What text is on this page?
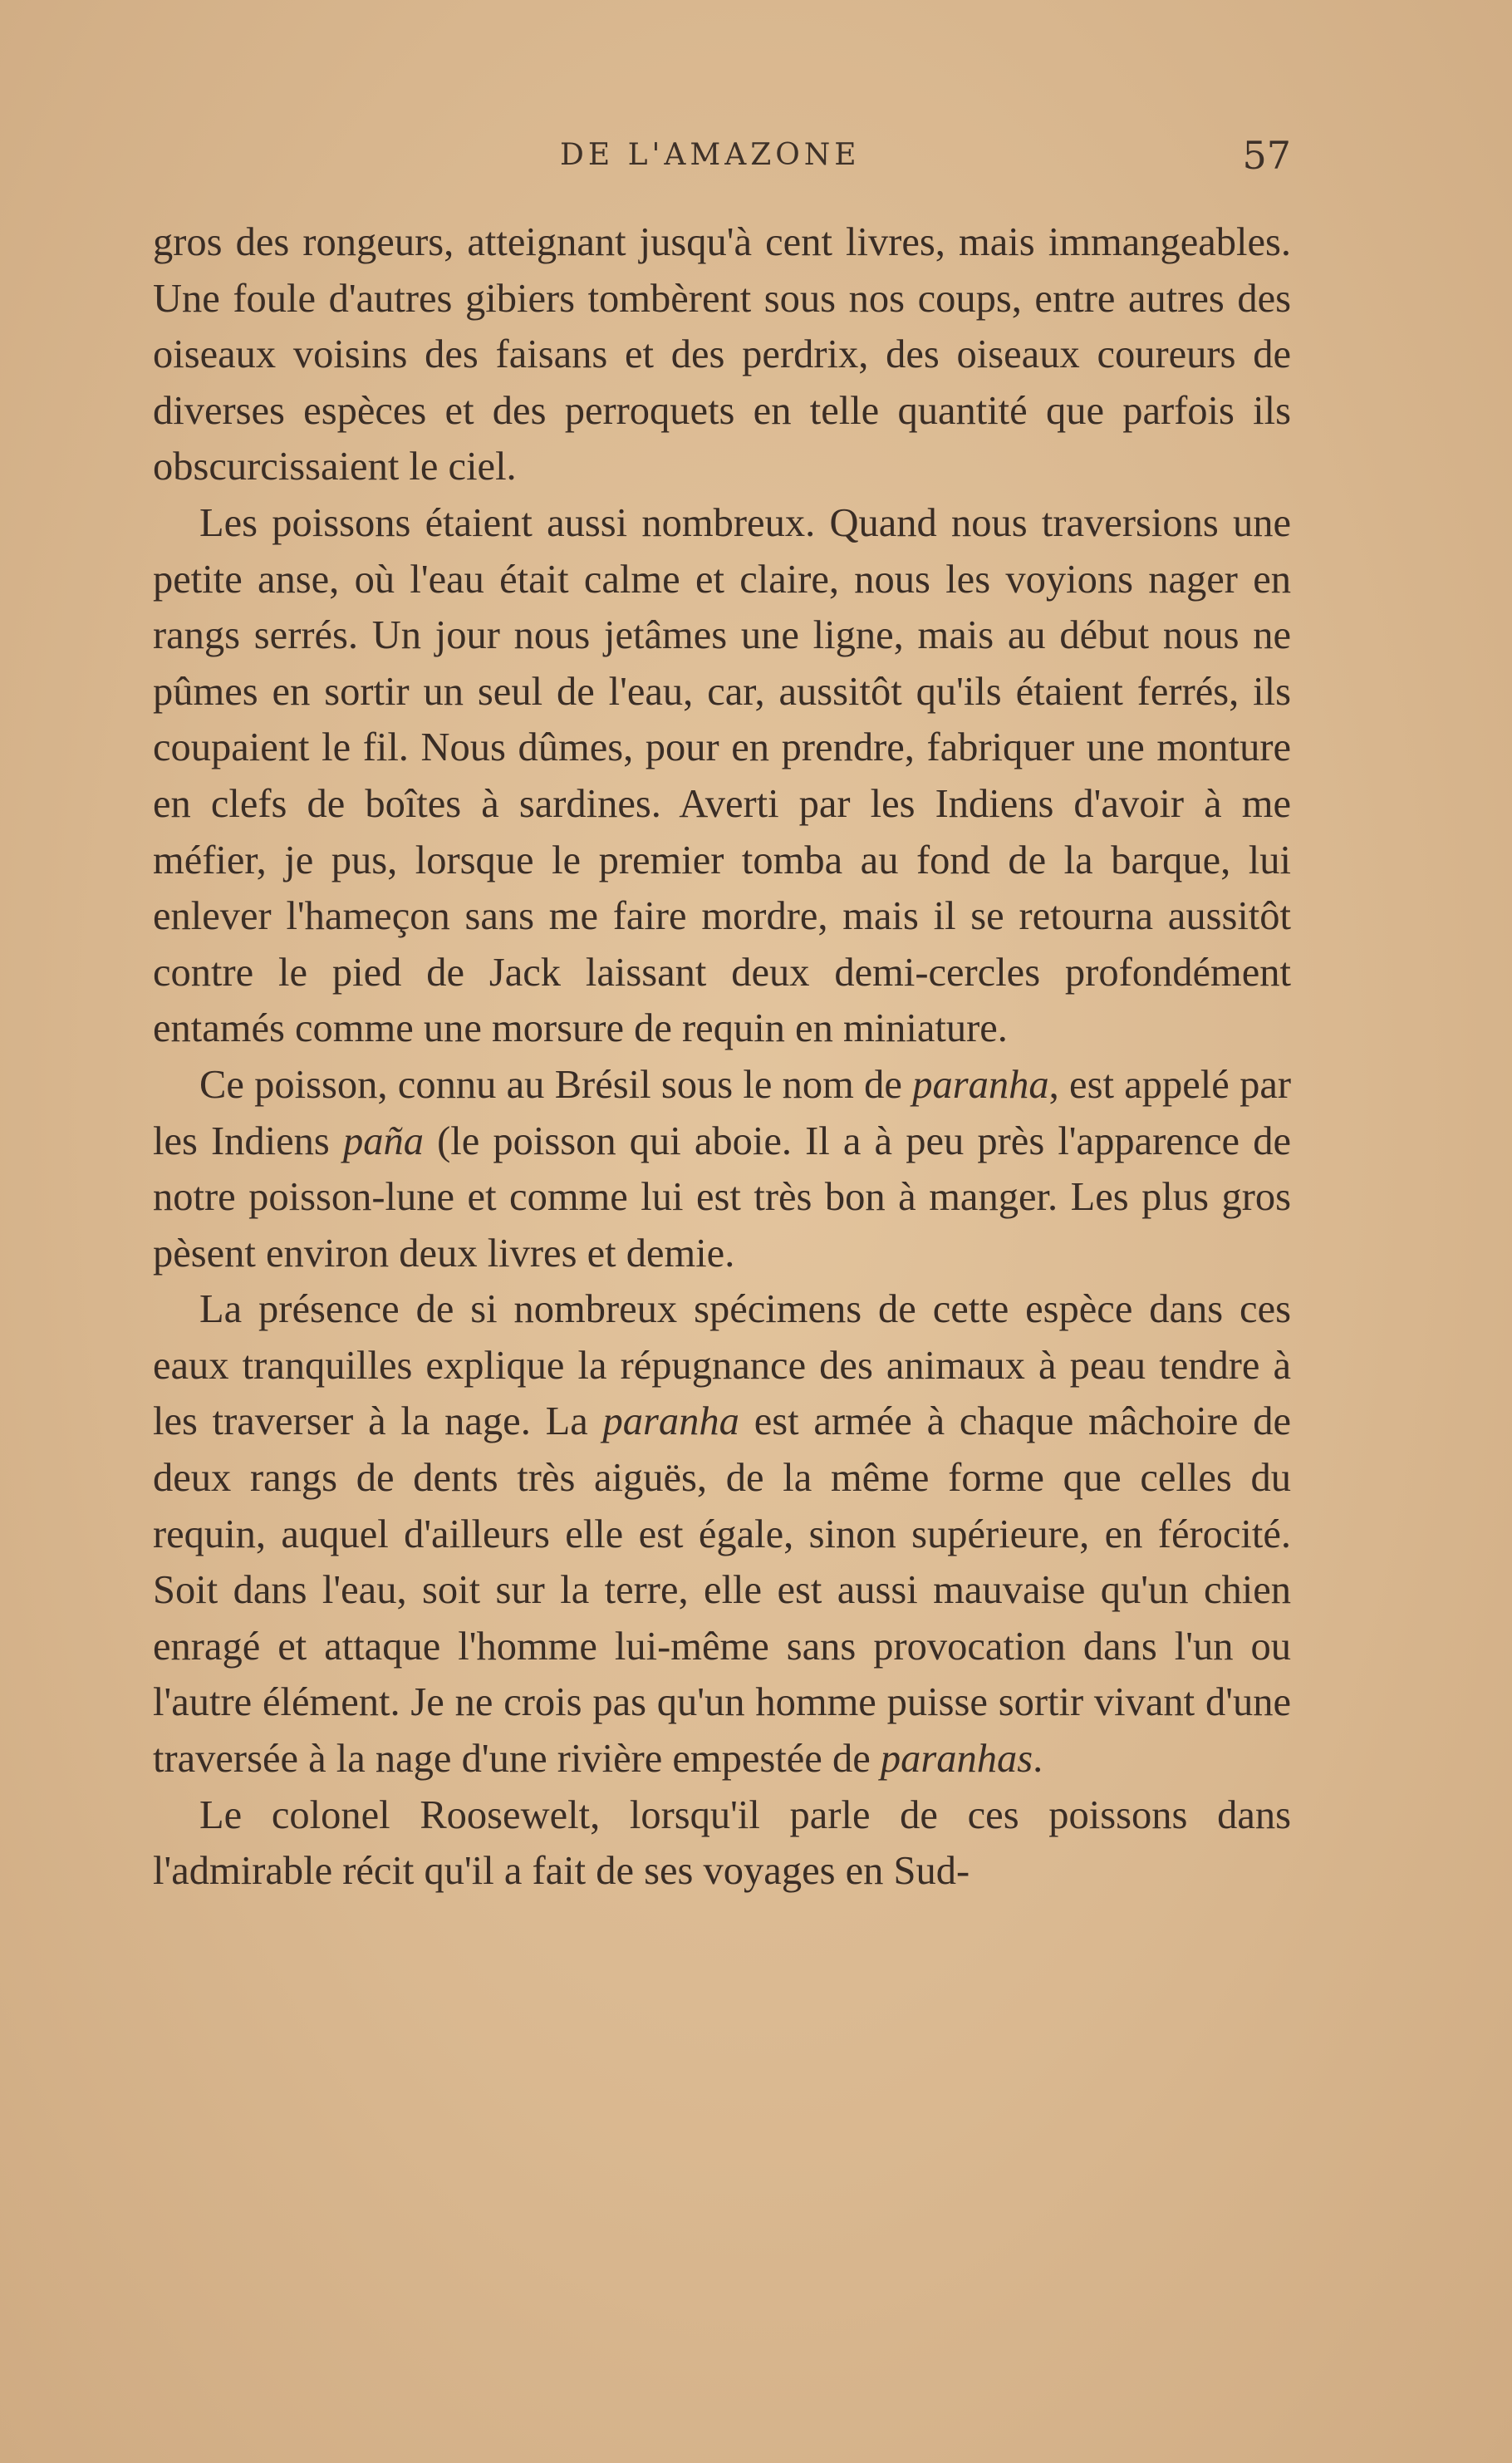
DE L'AMAZONE	57

gros des rongeurs, atteignant jusqu'à cent livres, mais immangeables. Une foule d'autres gibiers tombèrent sous nos coups, entre autres des oiseaux voisins des faisans et des perdrix, des oiseaux coureurs de diverses espèces et des perroquets en telle quantité que parfois ils obscurcissaient le ciel.

Les poissons étaient aussi nombreux. Quand nous traversions une petite anse, où l'eau était calme et claire, nous les voyions nager en rangs serrés. Un jour nous jetâmes une ligne, mais au début nous ne pûmes en sortir un seul de l'eau, car, aussitôt qu'ils étaient ferrés, ils coupaient le fil. Nous dûmes, pour en prendre, fabriquer une monture en clefs de boîtes à sardines. Averti par les Indiens d'avoir à me méfier, je pus, lorsque le premier tomba au fond de la barque, lui enlever l'hameçon sans me faire mordre, mais il se retourna aussitôt contre le pied de Jack laissant deux demi-cercles profondément entamés comme une morsure de requin en miniature.

Ce poisson, connu au Brésil sous le nom de paranha, est appelé par les Indiens paña (le poisson qui aboie. Il a à peu près l'apparence de notre poisson-lune et comme lui est très bon à manger. Les plus gros pèsent environ deux livres et demie.

La présence de si nombreux spécimens de cette espèce dans ces eaux tranquilles explique la répugnance des animaux à peau tendre à les traverser à la nage. La paranha est armée à chaque mâchoire de deux rangs de dents très aiguës, de la même forme que celles du requin, auquel d'ailleurs elle est égale, sinon supérieure, en férocité. Soit dans l'eau, soit sur la terre, elle est aussi mauvaise qu'un chien enragé et attaque l'homme lui-même sans provocation dans l'un ou l'autre élément. Je ne crois pas qu'un homme puisse sortir vivant d'une traversée à la nage d'une rivière empestée de paranhas.

Le colonel Roosewelt, lorsqu'il parle de ces poissons dans l'admirable récit qu'il a fait de ses voyages en Sud-
